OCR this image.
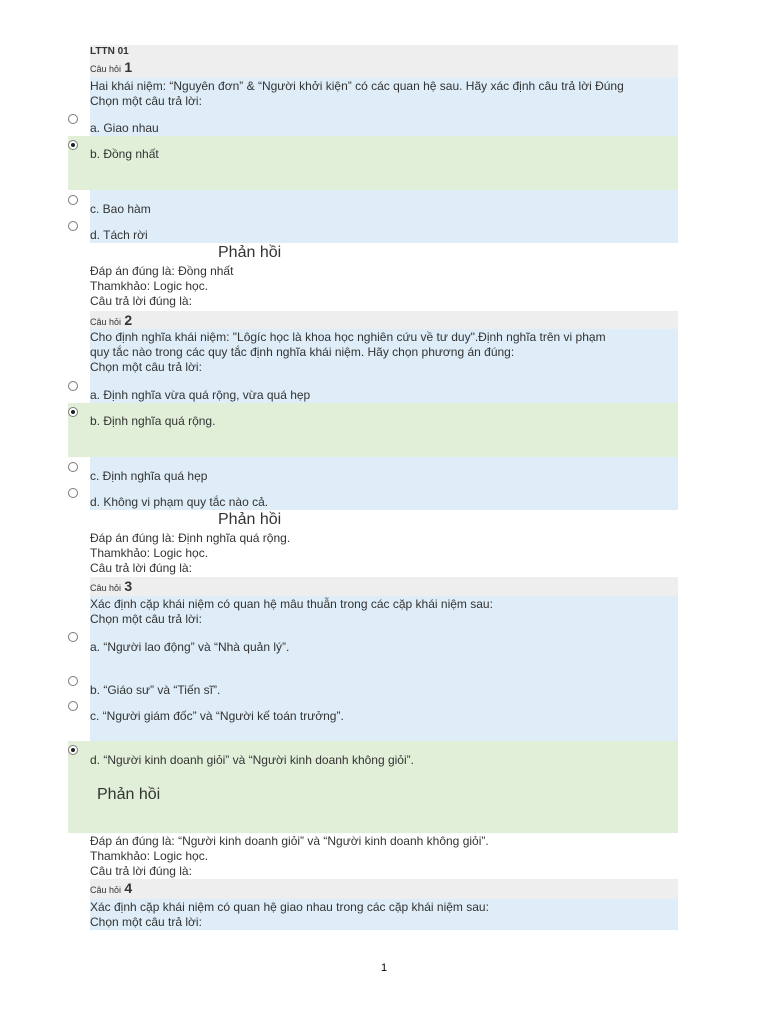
LTTN 01
Câu hỏi 1
Hai khái niệm: “Nguyên đơn” & “Người khởi kiện” có các quan hệ sau. Hãy xác định câu trả lời Đúng
Chọn một câu trả lời:
a. Giao nhau
b. Đồng nhất
c. Bao hàm
d. Tách rời
Phản hồi
Đáp án đúng là: Đồng nhất
Thamkhảo: Logic học.
Câu trả lời đúng là:
Câu hỏi 2
Cho định nghĩa khái niệm: "Lôgíc học là khoa học nghiên cứu về tư duy".Định nghĩa trên vi phạm
quy tắc nào trong các quy tắc định nghĩa khái niệm. Hãy chọn phương án đúng:
Chọn một câu trả lời:
a. Định nghĩa vừa quá rộng, vừa quá hẹp
b. Định nghĩa quá rộng.
c. Định nghĩa quá hẹp
d. Không vi phạm quy tắc nào cả.
Phản hồi
Đáp án đúng là: Định nghĩa quá rộng.
Thamkhảo: Logic học.
Câu trả lời đúng là:
Câu hỏi 3
Xác định cặp khái niệm có quan hệ mâu thuẫn trong các cặp khái niệm sau:
Chọn một câu trả lời:
a. “Người lao động” và “Nhà quản lý”.
b. “Giáo sư” và “Tiến sĩ”.
c. “Người giám đốc” và “Người kế toán trưởng”.
d. “Người kinh doanh giỏi” và “Người kinh doanh không giỏi”.
Phản hồi
Đáp án đúng là: “Người kinh doanh giỏi” và “Người kinh doanh không giỏi”.
Thamkhảo: Logic học.
Câu trả lời đúng là:
Câu hỏi 4
Xác định cặp khái niệm có quan hệ giao nhau trong các cặp khái niệm sau:
Chọn một câu trả lời:
1
